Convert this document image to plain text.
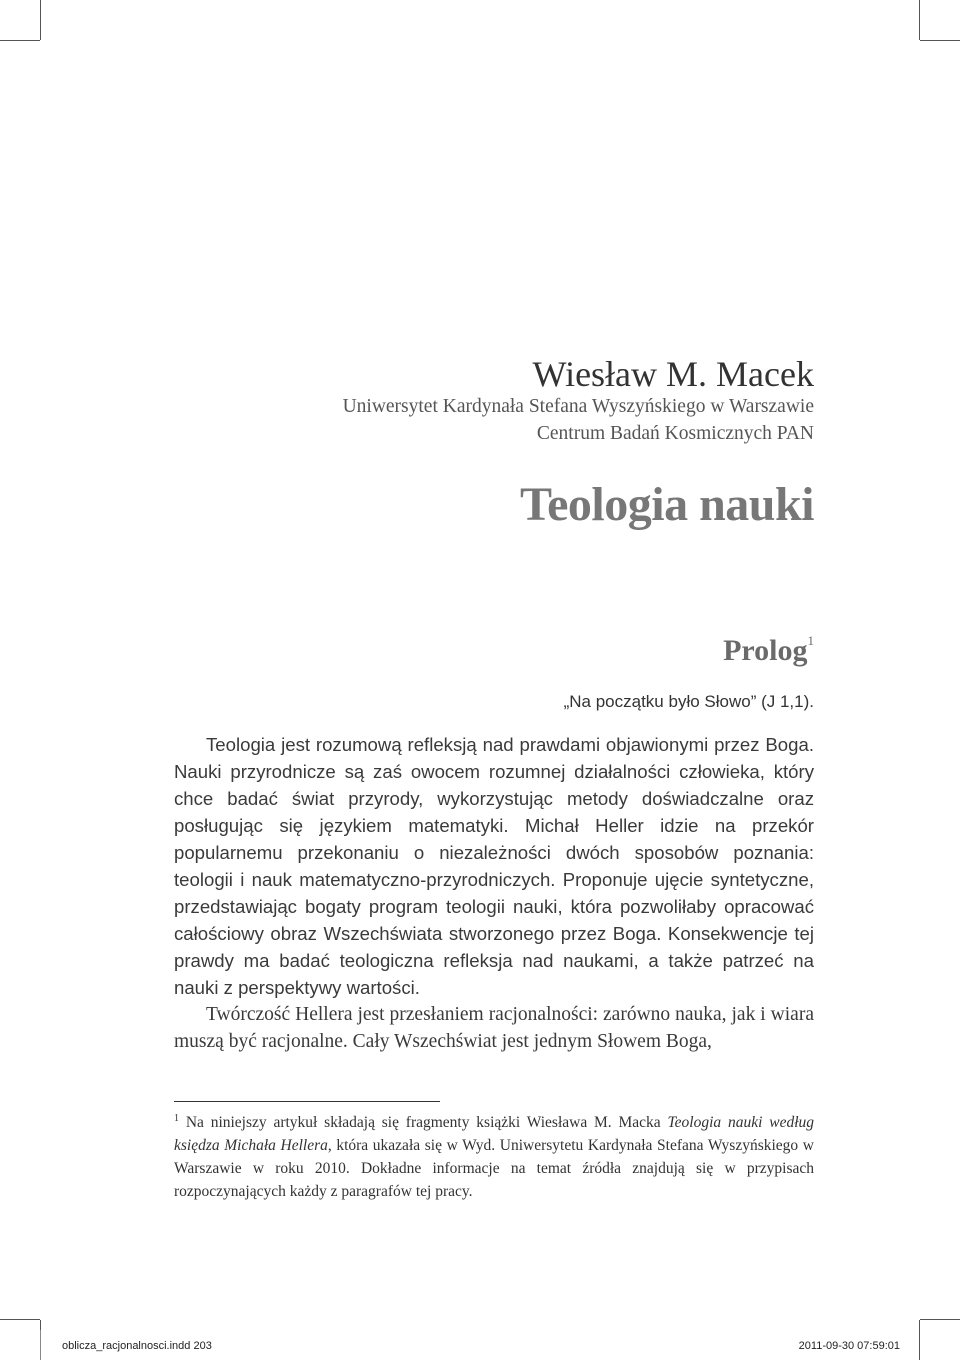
Wiesław M. Macek
Uniwersytet Kardynała Stefana Wyszyńskiego w Warszawie
Centrum Badań Kosmicznych PAN
Teologia nauki
Prolog$^1$
„Na początku było Słowo” (J 1,1).

Teologia jest rozumową refleksją nad prawdami objawionymi przez Boga. Nauki przyrodnicze są zaś owocem rozumnej działalności człowieka, który chce badać świat przyrody, wykorzystując metody doświadczalne oraz posługując się językiem matematyki. Michał Heller idzie na przekór popularnemu przekonaniu o niezależności dwóch sposobów poznania: teologii i nauk matematyczno-przyrodniczych. Proponuje ujęcie syntetyczne, przedstawiając bogaty program teologii nauki, która pozwoliłaby opracować całościowy obraz Wszechświata stworzonego przez Boga. Konsekwencje tej prawdy ma badać teologiczna refleksja nad naukami, a także patrzeć na nauki z perspektywy wartości.

Twórczość Hellera jest przesłaniem racjonalności: zarówno nauka, jak i wiara muszą być racjonalne. Cały Wszechświat jest jednym Słowem Boga,

$^1$ Na niniejszy artykuł składają się fragmenty książki Wiesława M. Macka Teologia nauki według księdza Michała Hellera, która ukazała się w Wyd. Uniwersytetu Kardynała Stefana Wyszyńskiego w Warszawie w roku 2010. Dokładne informacje na temat źródła znajdują się w przypisach rozpoczynających każdy z paragrafów tej pracy.

oblicza_racjonalnosci.indd 203	2011-09-30 07:59:01
